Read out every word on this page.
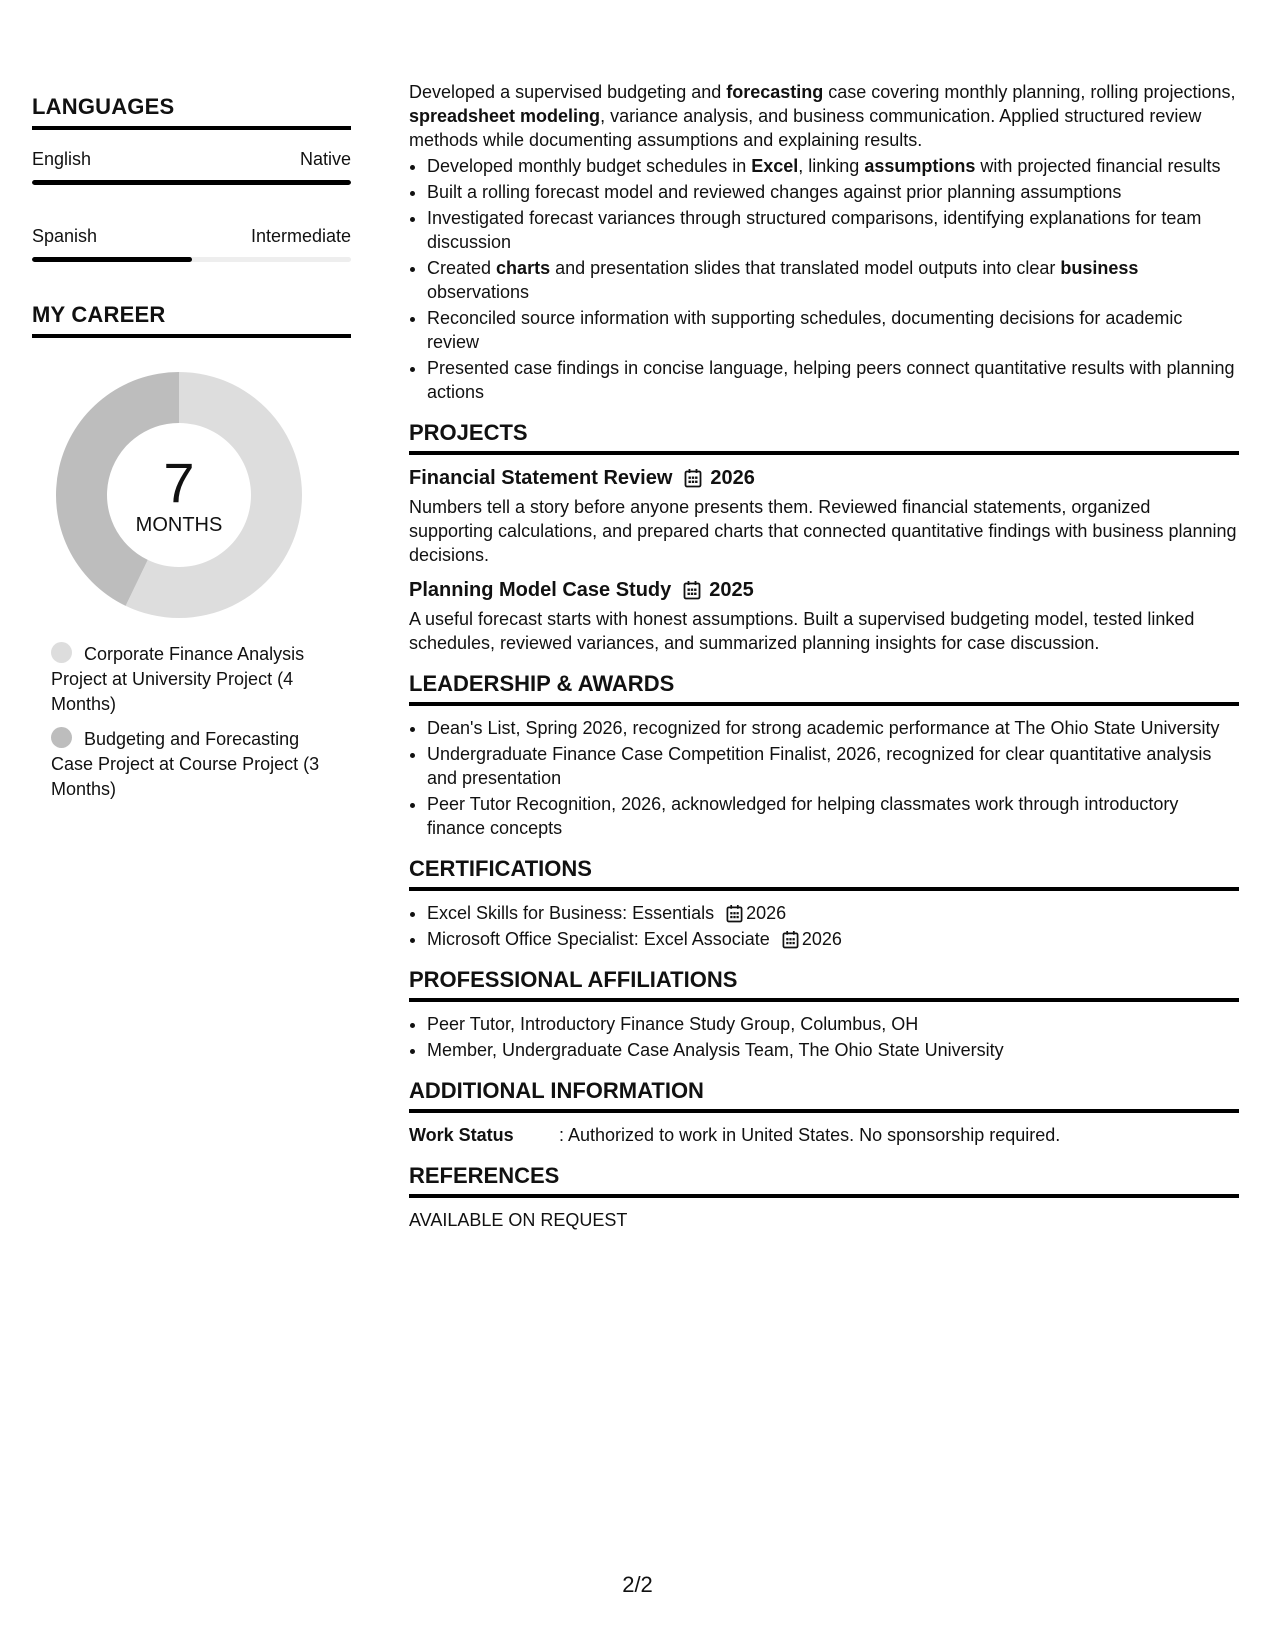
LANGUAGES
English	Native
Spanish	Intermediate
MY CAREER
7
MONTHS
Corporate Finance Analysis Project at University Project (4 Months)
Budgeting and Forecasting Case Project at Course Project (3 Months)

Developed a supervised budgeting and forecasting case covering monthly planning, rolling projections, spreadsheet modeling, variance analysis, and business communication. Applied structured review methods while documenting assumptions and explaining results.

• Developed monthly budget schedules in Excel, linking assumptions with projected financial results
• Built a rolling forecast model and reviewed changes against prior planning assumptions
• Investigated forecast variances through structured comparisons, identifying explanations for team discussion
• Created charts and presentation slides that translated model outputs into clear business observations
• Reconciled source information with supporting schedules, documenting decisions for academic review
• Presented case findings in concise language, helping peers connect quantitative results with planning actions
PROJECTS
Financial Statement Review 2026
Numbers tell a story before anyone presents them. Reviewed financial statements, organized supporting calculations, and prepared charts that connected quantitative findings with business planning decisions.
Planning Model Case Study 2025
A useful forecast starts with honest assumptions. Built a supervised budgeting model, tested linked schedules, reviewed variances, and summarized planning insights for case discussion.
LEADERSHIP & AWARDS
• Dean's List, Spring 2026, recognized for strong academic performance at The Ohio State University
• Undergraduate Finance Case Competition Finalist, 2026, recognized for clear quantitative analysis and presentation
• Peer Tutor Recognition, 2026, acknowledged for helping classmates work through introductory finance concepts
CERTIFICATIONS
• Excel Skills for Business: Essentials 2026
• Microsoft Office Specialist: Excel Associate 2026
PROFESSIONAL AFFILIATIONS
• Peer Tutor, Introductory Finance Study Group, Columbus, OH
• Member, Undergraduate Case Analysis Team, The Ohio State University
ADDITIONAL INFORMATION
Work Status	: Authorized to work in United States. No sponsorship required.
REFERENCES
AVAILABLE ON REQUEST
2/2
